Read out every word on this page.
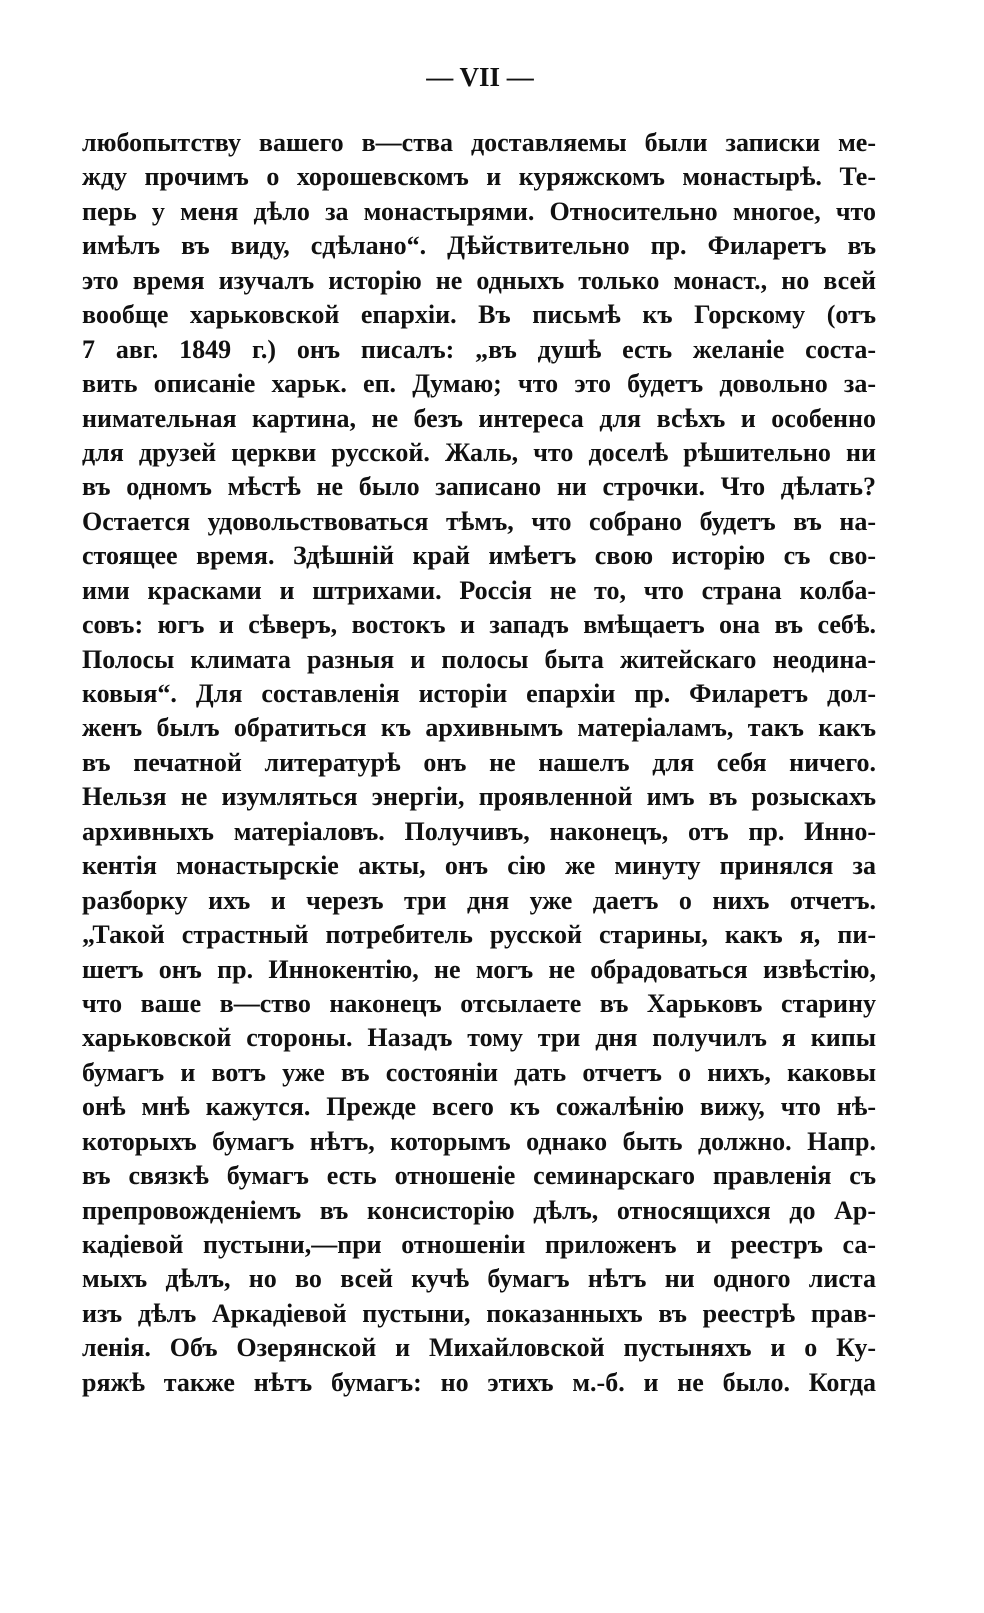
— VII —
любопытству вашего в—ства доставляемы были записки ме-
жду прочимъ о хорошевскомъ и куряжскомъ монастырѣ. Те-
перь у меня дѣло за монастырями. Относительно многое, что
имѣлъ въ виду, сдѣлано“. Дѣйствительно пр. Филаретъ въ
это время изучалъ исторію не одныхъ только монаст., но всей
вообще харьковской епархіи. Въ письмѣ къ Горскому (отъ
7 авг. 1849 г.) онъ писалъ: „въ душѣ есть желаніе соста-
вить описаніе харьк. еп. Думаю; что это будетъ довольно за-
нимательная картина, не безъ интереса для всѣхъ и особенно
для друзей церкви русской. Жаль, что доселѣ рѣшительно ни
въ одномъ мѣстѣ не было записано ни строчки. Что дѣлать?
Остается удовольствоваться тѣмъ, что собрано будетъ въ на-
стоящее время. Здѣшній край имѣетъ свою исторію съ сво-
ими красками и штрихами. Россія не то, что страна колба-
совъ: югъ и сѣверъ, востокъ и западъ вмѣщаетъ она въ себѣ.
Полосы климата разныя и полосы быта житейскаго неодина-
ковыя“. Для составленія исторіи епархіи пр. Филаретъ дол-
женъ былъ обратиться къ архивнымъ матеріаламъ, такъ какъ
въ печатной литературѣ онъ не нашелъ для себя ничего.
Нельзя не изумляться энергіи, проявленной имъ въ розыскахъ
архивныхъ матеріаловъ. Получивъ, наконецъ, отъ пр. Инно-
кентія монастырскіе акты, онъ сію же минуту принялся за
разборку ихъ и черезъ три дня уже даетъ о нихъ отчетъ.
„Такой страстный потребитель русской старины, какъ я, пи-
шетъ онъ пр. Иннокентію, не могъ не обрадоваться извѣстію,
что ваше в—ство наконецъ отсылаете въ Харьковъ старину
харьковской стороны. Назадъ тому три дня получилъ я кипы
бумагъ и вотъ уже въ состояніи дать отчетъ о нихъ, каковы
онѣ мнѣ кажутся. Прежде всего къ сожалѣнію вижу, что нѣ-
которыхъ бумагъ нѣтъ, которымъ однако быть должно. Напр.
въ связкѣ бумагъ есть отношеніе семинарскаго правленія съ
препровожденіемъ въ консисторію дѣлъ, относящихся до Ар-
кадіевой пустыни,—при отношеніи приложенъ и реестръ са-
мыхъ дѣлъ, но во всей кучѣ бумагъ нѣтъ ни одного листа
изъ дѣлъ Аркадіевой пустыни, показанныхъ въ реестрѣ прав-
ленія. Объ Озерянской и Михайловской пустыняхъ и о Ку-
ряжѣ также нѣтъ бумагъ: но этихъ м.-б. и не было. Когда
